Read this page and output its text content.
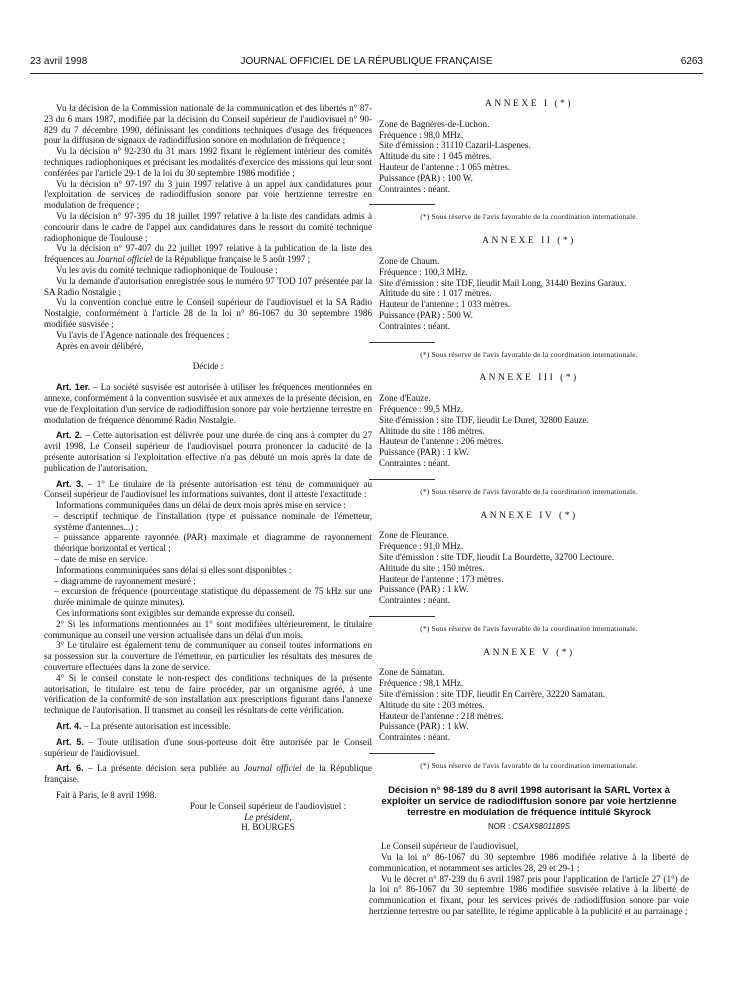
23 avril 1998	JOURNAL OFFICIEL DE LA RÉPUBLIQUE FRANÇAISE	6263

Vu la décision de la Commission nationale de la communication et des libertés n° 87-23 du 6 mars 1987, modifiée par la décision du Conseil supérieur de l'audiovisuel n° 90-829 du 7 décembre 1990, définissant les conditions techniques d'usage des fréquences pour la diffusion de signaux de radiodiffusion sonore en modulation de fréquence ;

Vu la décision n° 92-230 du 31 mars 1992 fixant le règlement intérieur des comités techniques radiophoniques et précisant les modalités d'exercice des missions qui leur sont conférées par l'article 29-1 de la loi du 30 septembre 1986 modifiée ;

Vu la décision n° 97-197 du 3 juin 1997 relative à un appel aux candidatures pour l'exploitation de services de radiodiffusion sonore par voie hertzienne terrestre en modulation de fréquence ;

Vu la décision n° 97-395 du 18 juillet 1997 relative à la liste des candidats admis à concourir dans le cadre de l'appel aux candidatures dans le ressort du comité technique radiophonique de Toulouse ;

Vu la décision n° 97-407 du 22 juillet 1997 relative à la publication de la liste des fréquences au Journal officiel de la République française le 5 août 1997 ;

Vu les avis du comité technique radiophonique de Toulouse ;

Vu la demande d'autorisation enregistrée sous le numéro 97 TOD 107 présentée par la SA Radio Nostalgie ;

Vu la convention conclue entre le Conseil supérieur de l'audiovisuel et la SA Radio Nostalgie, conformément à l'article 28 de la loi n° 86-1067 du 30 septembre 1986 modifiée susvisée ;

Vu l'avis de l'Agence nationale des fréquences ;

Après en avoir délibéré,

Décide :

Art. 1er. – La société susvisée est autorisée à utiliser les fréquences mentionnées en annexe, conformément à la convention susvisée et aux annexes de la présente décision, en vue de l'exploitation d'un service de radiodiffusion sonore par voie hertzienne terrestre en modulation de fréquence dénommé Radio Nostalgie.

Art. 2. – Cette autorisation est délivrée pour une durée de cinq ans à compter du 27 avril 1998. Le Conseil supérieur de l'audiovisuel pourra prononcer la caducité de la présente autorisation si l'exploitation effective n'a pas débuté un mois après la date de publication de l'autorisation.

Art. 3. – 1° Le titulaire de la présente autorisation est tenu de communiquer au Conseil supérieur de l'audiovisuel les informations suivantes, dont il atteste l'exactitude :

Informations communiquées dans un délai de deux mois après mise en service :

– descriptif technique de l'installation (type et puissance nominale de l'émetteur, système d'antennes...) ;

– puissance apparente rayonnée (PAR) maximale et diagramme de rayonnement théorique horizontal et vertical ;

– date de mise en service.

Informations communiquées sans délai si elles sont disponibles :

– diagramme de rayonnement mesuré ;

– excursion de fréquence (pourcentage statistique du dépassement de 75 kHz sur une durée minimale de quinze minutes).

Ces informations sont exigibles sur demande expresse du conseil.

2° Si les informations mentionnées au 1° sont modifiées ultérieurement, le titulaire communique au conseil une version actualisée dans un délai d'un mois.

3° Le titulaire est également tenu de communiquer au conseil toutes informations en sa possession sur la couverture de l'émetteur, en particulier les résultats des mesures de couverture effectuées dans la zone de service.

4° Si le conseil constate le non-respect des conditions techniques de la présente autorisation, le titulaire est tenu de faire procéder, par un organisme agréé, à une vérification de la conformité de son installation aux prescriptions figurant dans l'annexe technique de l'autorisation. Il transmet au conseil les résultats de cette vérification.

Art. 4. – La présente autorisation est incessible.

Art. 5. – Toute utilisation d'une sous-porteuse doit être autorisée par le Conseil supérieur de l'audiovisuel.

Art. 6. – La présente décision sera publiée au Journal officiel de la République française.

Fait à Paris, le 8 avril 1998.

Pour le Conseil supérieur de l'audiovisuel :

Le président,

H. BOURGES

ANNEXE I (*)

Zone de Bagnères-de-Luchon.

Fréquence : 98,0 MHz.

Site d'émission : 31110 Cazaril-Laspenes.

Altitude du site : 1 045 mètres.

Hauteur de l'antenne : 1 065 mètres.

Puissance (PAR) : 100 W.

Contraintes : néant.

(*) Sous réserve de l'avis favorable de la coordination internationale.
ANNEXE II (*)

Zone de Chaum.

Fréquence : 100,3 MHz.

Site d'émission : site TDF, lieudit Mail Long, 31440 Bezins Garaux.

Altitude du site : 1 017 mètres.

Hauteur de l'antenne : 1 033 mètres.

Puissance (PAR) : 500 W.

Contraintes : néant.

(*) Sous réserve de l'avis favorable de la coordination internationale.
ANNEXE III (*)

Zone d'Eauze.

Fréquence : 99,5 MHz.

Site d'émission : site TDF, lieudit Le Duret, 32800 Eauze.

Altitude du site : 186 mètres.

Hauteur de l'antenne : 206 mètres.

Puissance (PAR) : 1 kW.

Contraintes : néant.

(*) Sous réserve de l'avis favorable de la coordination internationale.
ANNEXE IV (*)

Zone de Fleurance.

Fréquence : 91,0 MHz.

Site d'émission : site TDF, lieudit La Bourdette, 32700 Lectoure.

Altitude du site : 150 mètres.

Hauteur de l'antenne : 173 mètres.

Puissance (PAR) : 1 kW.

Contraintes : néant.

(*) Sous réserve de l'avis favorable de la coordination internationale.
ANNEXE V (*)

Zone de Samatan.

Fréquence : 98,1 MHz.

Site d'émission : site TDF, lieudit En Carrère, 32220 Samatan.

Altitude du site : 203 mètres.

Hauteur de l'antenne : 218 mètres.

Puissance (PAR) : 1 kW.

Contraintes : néant.

(*) Sous réserve de l'avis favorable de la coordination internationale.
Décision n° 98-189 du 8 avril 1998 autorisant la SARL Vortex à exploiter un service de radiodiffusion sonore par voie hertzienne terrestre en modulation de fréquence intitulé Skyrock
NOR : CSAX9801189S

Le Conseil supérieur de l'audiovisuel,

Vu la loi n° 86-1067 du 30 septembre 1986 modifiée relative à la liberté de communication, et notamment ses articles 28, 29 et 29-1 ;

Vu le décret n° 87-239 du 6 avril 1987 pris pour l'application de l'article 27 (1°) de la loi n° 86-1067 du 30 septembre 1986 modifiée susvisée relative à la liberté de communication et fixant, pour les services privés de radiodiffusion sonore par voie hertzienne terrestre ou par satellite, le régime applicable à la publicité et au parrainage ;
